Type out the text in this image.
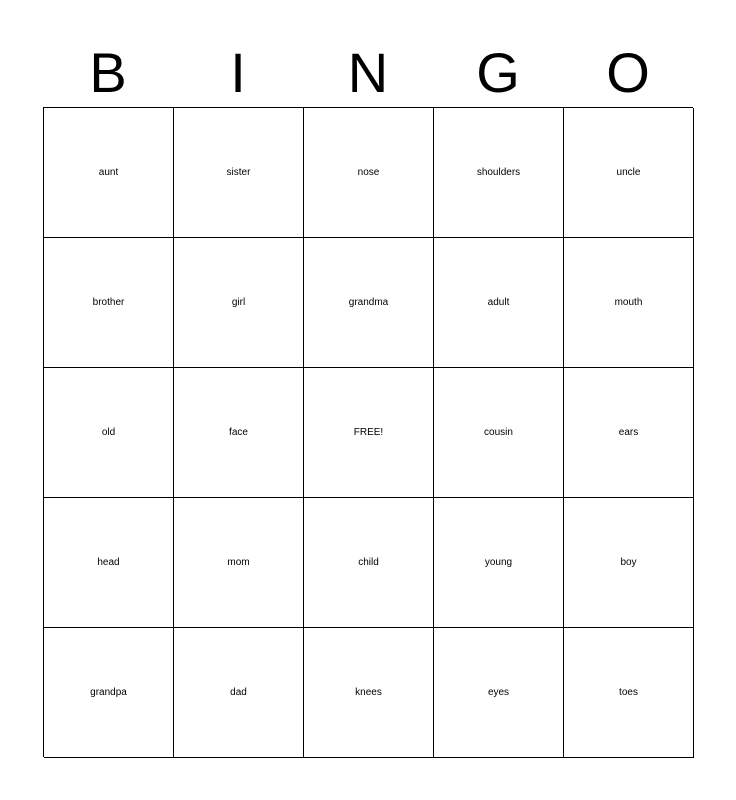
B	I	N	G	O
aunt	sister	nose	shoulders	uncle
brother	girl	grandma	adult	mouth
old	face	FREE!	cousin	ears
head	mom	child	young	boy
grandpa	dad	knees	eyes	toes
